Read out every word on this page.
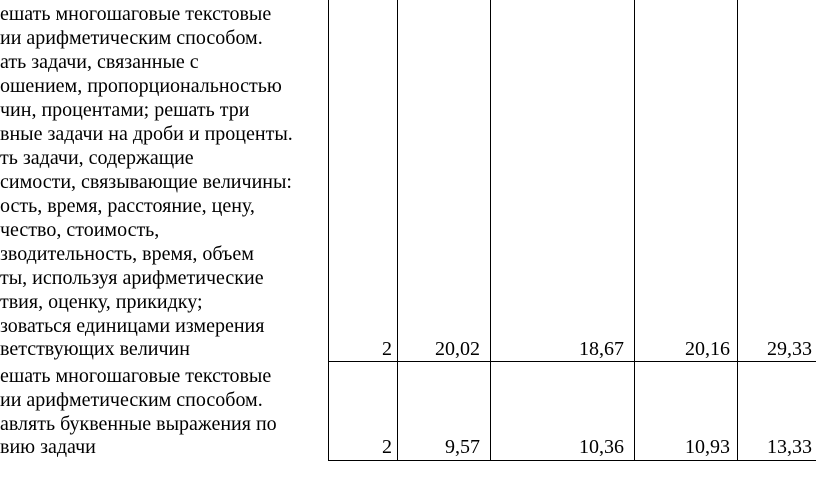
ешать многошаговые текстовые
ии арифметическим способом.
ать задачи, связанные с
ошением, пропорциональностью
чин, процентами; решать три
вные задачи на дроби и проценты.
ть задачи, содержащие
симости, связывающие величины:
ость, время, расстояние, цену,
чество, стоимость,
зводительность, время, объем
ты, используя арифметические
твия, оценку, прикидку;
зоваться единицами измерения
ветствующих величин	2	20,02	18,67	20,16	29,33
ешать многошаговые текстовые
ии арифметическим способом.
авлять буквенные выражения по
вию задачи	2	9,57	10,36	10,93	13,33
